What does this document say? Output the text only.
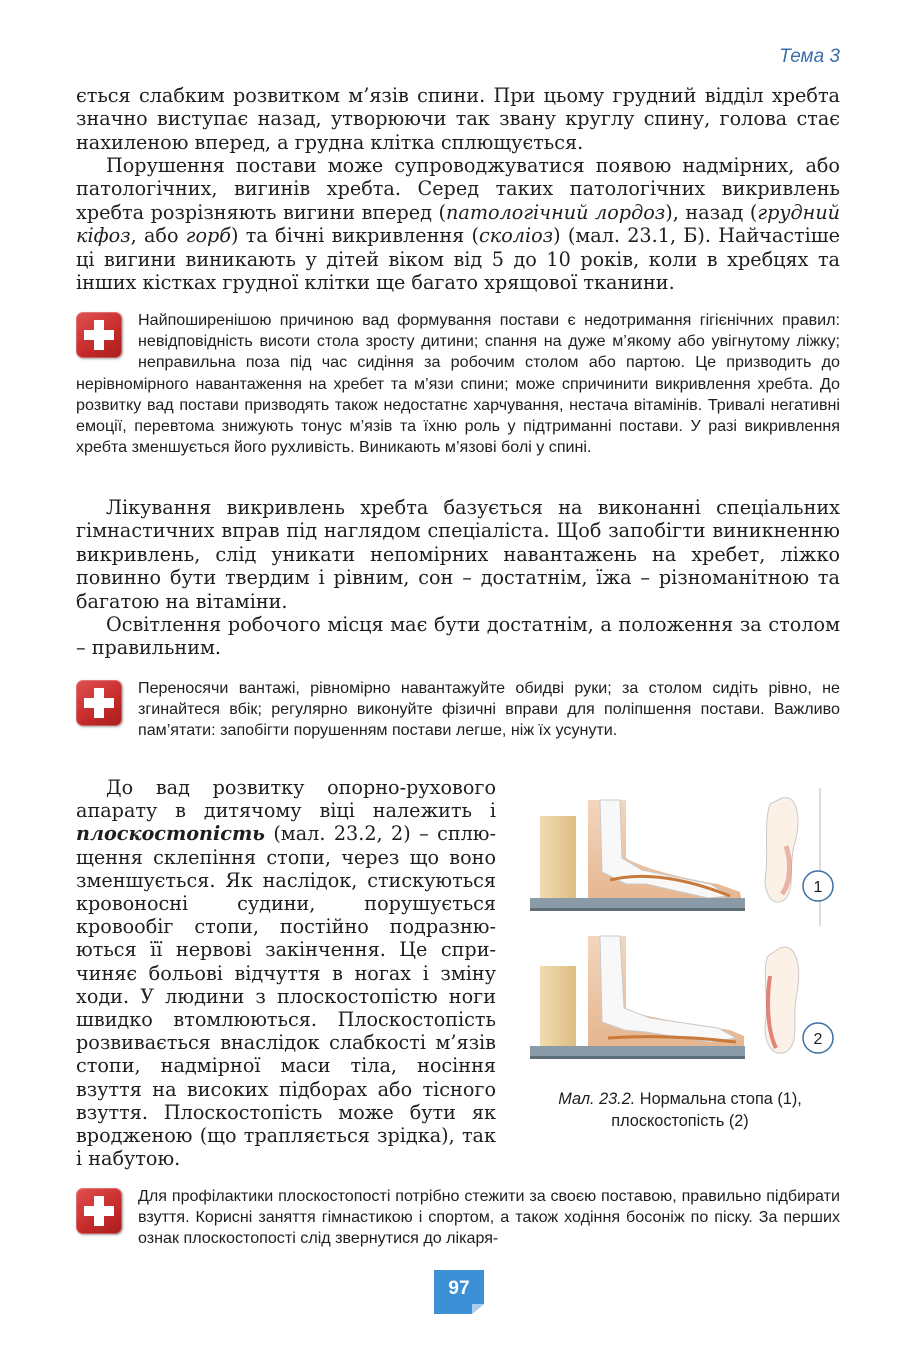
Тема 3

ється слабким розвитком м’язів спини. При цьому грудний відділ хребта значно виступає назад, утворюючи так звану круглу спину, голова стає нахиленою вперед, а грудна клітка сплющується.

Порушення постави може супроводжуватися появою надмірних, або патологічних, вигинів хребта. Серед таких патологічних викривлень хребта розрізняють вигини вперед (патологічний лордоз), назад (грудний кіфоз, або горб) та бічні викривлення (сколіоз) (мал. 23.1, Б). Найчастіше ці вигини виникають у дітей віком від 5 до 10 років, коли в хребцях та інших кістках грудної клітки ще багато хрящової тканини.

Найпоширенішою причиною вад формування постави є недотримання гігієнічних правил: невідповідність висоти стола зросту дитини; спання на дуже м’якому або увігнутому ліжку; неправильна поза під час сидіння за робочим столом або партою. Це призводить до нерівномірного навантаження на хребет та м’язи спини; може спричинити викривлення хребта. До розвитку вад постави призводять також недостатнє харчування, нестача вітамінів. Тривалі негативні емоції, перевтома знижують тонус м’язів та їхню роль у підтриманні постави. У разі викривлення хребта зменшується його рухливість. Виникають м’язові болі у спині.

Лікування викривлень хребта базується на виконанні спеціальних гімнастичних вправ під наглядом спеціаліста. Щоб запобігти виникненню викривлень, слід уникати непомірних навантажень на хребет, ліжко повинно бути твердим і рівним, сон – достатнім, їжа – різноманітною та багатою на вітаміни.

Освітлення робочого місця має бути достатнім, а положення за столом – правильним.

Переносячи вантажі, рівномірно навантажуйте обидві руки; за столом сидіть рівно, не згинайтеся вбік; регулярно виконуйте фізичні вправи для поліпшення постави. Важливо пам’ятати: запобігти порушенням постави легше, ніж їх усунути.

До вад розвитку опорно-рухового апарату в дитячому віці належить і плоскостопість (мал. 23.2, 2) – сплющення склепіння стопи, через що воно зменшується. Як наслідок, стискуються кровоносні судини, порушується кровообіг стопи, постійно подразнюються її нервові закінчення. Це спричиняє больові відчуття в ногах і зміну ходи. У людини з плоскостопістю ноги швидко втомлюються. Плоскостопість розвивається внаслідок слабкості м’язів стопи, надмірної маси тіла, носіння взуття на високих підборах або тісного взуття. Плоскостопість може бути як вродженою (що трапляється зрідка), так і набутою.

1
2
Мал. 23.2. Нормальна стопа (1), плоскостопість (2)

Для профілактики плоскостопості потрібно стежити за своєю поставою, правильно підбирати взуття. Корисні заняття гімнастикою і спортом, а також ходіння босоніж по піску. За перших ознак плоскостопості слід звернутися до лікаря-

97
